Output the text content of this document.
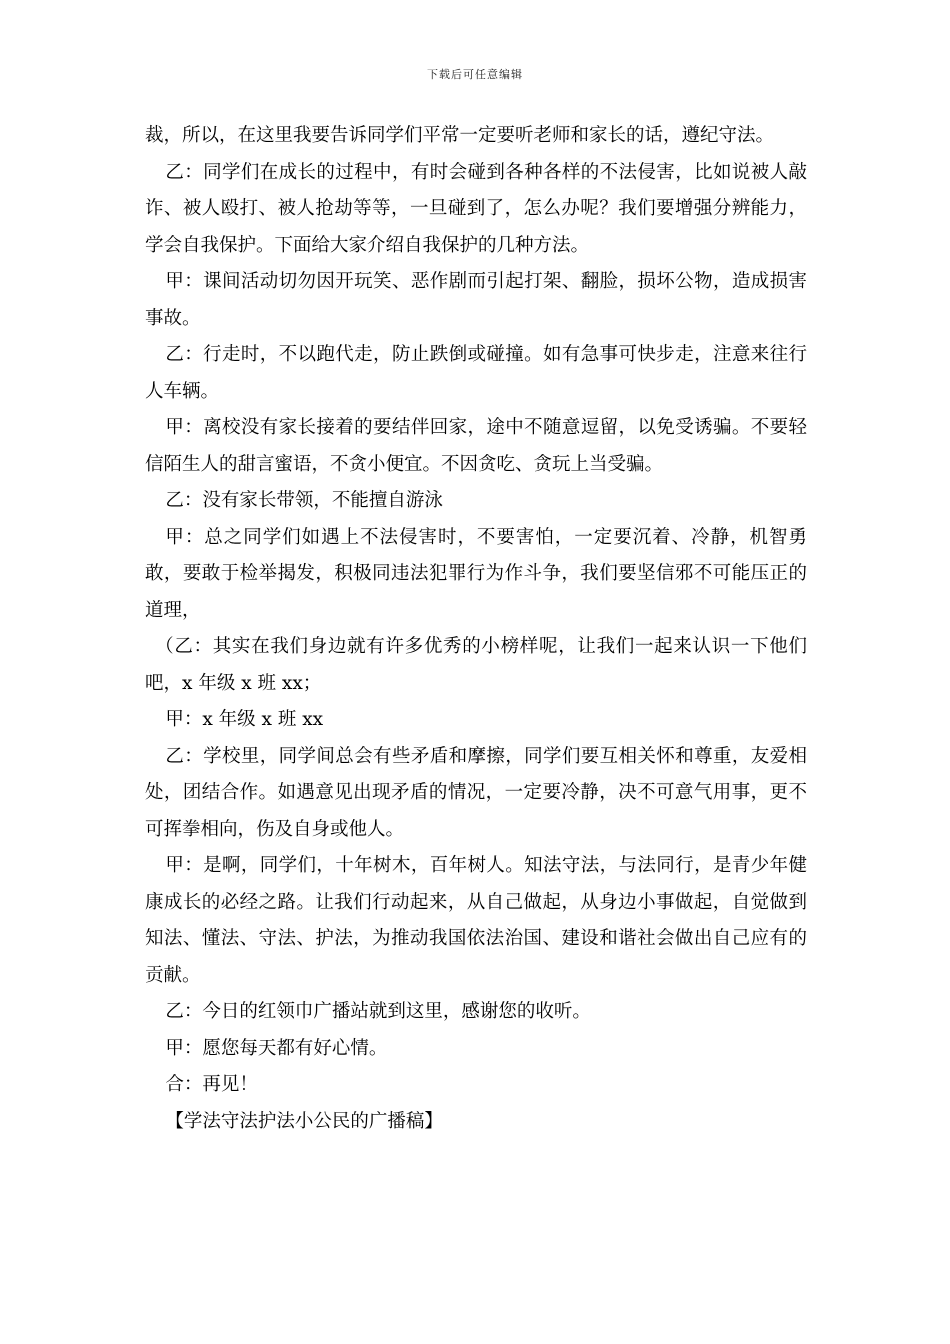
下载后可任意编辑

裁，所以，在这里我要告诉同学们平常一定要听老师和家长的话，遵纪守法。

乙：同学们在成长的过程中，有时会碰到各种各样的不法侵害，比如说被人敲诈、被人殴打、被人抢劫等等，一旦碰到了，怎么办呢？我们要增强分辨能力，学会自我保护。下面给大家介绍自我保护的几种方法。

甲：课间活动切勿因开玩笑、恶作剧而引起打架、翻脸，损坏公物，造成损害事故。

乙：行走时，不以跑代走，防止跌倒或碰撞。如有急事可快步走，注意来往行人车辆。

甲：离校没有家长接着的要结伴回家，途中不随意逗留，以免受诱骗。不要轻信陌生人的甜言蜜语，不贪小便宜。不因贪吃、贪玩上当受骗。

乙：没有家长带领，不能擅自游泳

甲：总之同学们如遇上不法侵害时，不要害怕，一定要沉着、冷静，机智勇敢，要敢于检举揭发，积极同违法犯罪行为作斗争，我们要坚信邪不可能压正的道理，

（乙：其实在我们身边就有许多优秀的小榜样呢，让我们一起来认识一下他们吧，x 年级 x 班 xx；

甲：x 年级 x 班 xx

乙：学校里，同学间总会有些矛盾和摩擦，同学们要互相关怀和尊重，友爱相处，团结合作。如遇意见出现矛盾的情况，一定要冷静，决不可意气用事，更不可挥拳相向，伤及自身或他人。

甲：是啊，同学们，十年树木，百年树人。知法守法，与法同行，是青少年健康成长的必经之路。让我们行动起来，从自己做起，从身边小事做起，自觉做到知法、懂法、守法、护法，为推动我国依法治国、建设和谐社会做出自己应有的贡献。

乙：今日的红领巾广播站就到这里，感谢您的收听。

甲：愿您每天都有好心情。

合：再见！

【学法守法护法小公民的广播稿】
